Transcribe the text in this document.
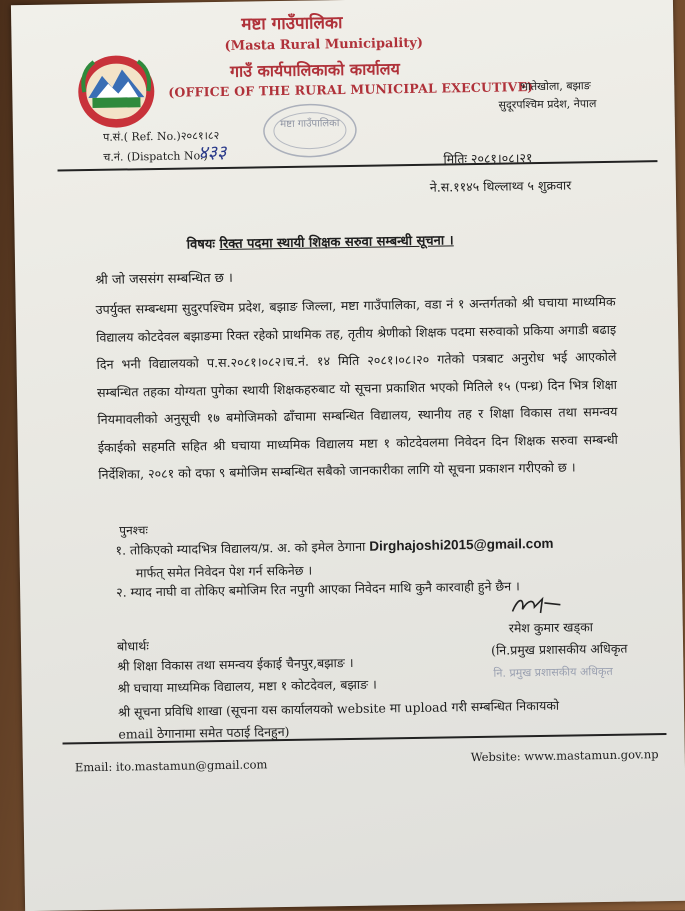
मष्टा गाउँपालिका
(Masta Rural Municipality)
गाउँ कार्यपालिकाको कार्यालय
(OFFICE OF THE RURAL MUNICIPAL EXECUTIVE)
भातेखोला, बझाङ
सुदूरपश्चिम प्रदेश, नेपाल
मष्टा गाउँपालिका
प.सं.( Ref. No.)२०८१।८२
च.नं. (Dispatch No.)
४३३	मितिः २०८१।०८।२१
ने.स.११४५ थिल्लाथ्व ५ शुक्रवार
विषयः रिक्त पदमा स्थायी शिक्षक सरुवा सम्बन्धी सूचना ।
श्री जो जससंग सम्बन्धित छ ।
उपर्युक्त सम्बन्धमा सुदुरपश्चिम प्रदेश, बझाङ जिल्ला, मष्टा गाउँपालिका, वडा नं १ अन्तर्गतको श्री घचाया माध्यमिक विद्यालय कोटदेवल बझाङमा रिक्त रहेको प्राथमिक तह, तृतीय श्रेणीको शिक्षक पदमा सरुवाको प्रकिया अगाडी बढाइ दिन भनी विद्यालयको प.स.२०८१।०८२।च.नं. १४ मिति २०८१।०८।२० गतेको पत्रबाट अनुरोध भई आएकोले सम्बन्धित तहका योग्यता पुगेका स्थायी शिक्षकहरुबाट यो सूचना प्रकाशित भएको मितिले १५ (पन्ध्र) दिन भित्र शिक्षा नियमावलीको अनुसूची १७ बमोजिमको ढाँचामा सम्बन्धित विद्यालय, स्थानीय तह र शिक्षा विकास तथा समन्वय ईकाईको सहमति सहित श्री घचाया माध्यमिक विद्यालय मष्टा १ कोटदेवलमा निवेदन दिन शिक्षक सरुवा सम्बन्धी निर्देशिका, २०८१ को दफा ९ बमोजिम सम्बन्धित सबैको जानकारीका लागि यो सूचना प्रकाशन गरीएको छ ।
पुनश्चः
१. तोकिएको म्यादभित्र विद्यालय/प्र. अ. को इमेल ठेगाना Dirghajoshi2015@gmail.com
मार्फत् समेत निवेदन पेश गर्न सकिनेछ ।
२. म्याद नाघी वा तोकिए बमोजिम रित नपुगी आएका निवेदन माथि कुनै कारवाही हुने छैन ।
रमेश कुमार खड्का
(नि.प्रमुख प्रशासकीय अधिकृत
नि. प्रमुख प्रशासकीय अधिकृत
बोधार्थः
श्री शिक्षा विकास तथा समन्वय ईकाई चैनपुर,बझाङ ।
श्री घचाया माध्यमिक विद्यालय, मष्टा १ कोटदेवल, बझाङ ।
श्री सूचना प्रविधि शाखा (सूचना यस कार्यालयको website मा upload गरी सम्बन्धित निकायको
email ठेगानामा समेत पठाई दिनहुन)
Email: ito.mastamun@gmail.com
Website: www.mastamun.gov.np
